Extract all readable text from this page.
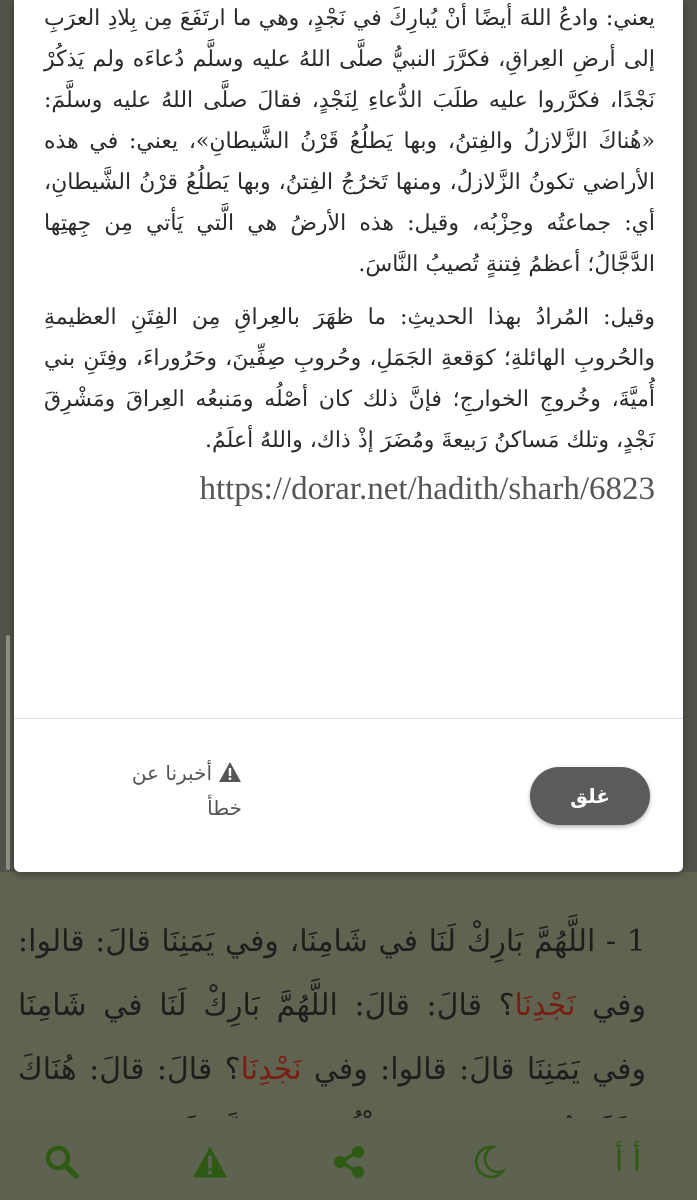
1 - اللَّهُمَّ بَارِكْ لَنَا في شَامِنَا، وفي يَمَنِنَا قالَ: قالوا: وفي نَجْدِنَا؟ قالَ: قالَ: اللَّهُمَّ بَارِكْ لَنَا في شَامِنَا وفي يَمَنِنَا قالَ: قالوا: وفي نَجْدِنَا؟ قالَ: قالَ: هُنَاكَ

يعني: وادعُ اللهَ أيضًا أنْ يُبارِكَ في نَجْدٍ، وهي ما ارتَفَعَ مِن بِلادِ العرَبِ إلى أرضِ العِراقِ، فكرَّرَ النبيُّ صلَّى اللهُ عليه وسلَّم دُعاءَه ولم يَذكُرْ نَجْدًا، فكرَّروا عليه طلَبَ الدُّعاءِ لِنَجْدٍ، فقالَ صلَّى اللهُ عليه وسلَّمَ: «هُناكَ الزَّلازلُ والفِتنُ، وبها يَطلُعُ قَرْنُ الشَّيطانِ»، يعني: في هذه الأراضي تكونُ الزَّلازلُ، ومنها تَخرُجُ الفِتنُ، وبها يَطلُعُ قرْنُ الشَّيطانِ، أي: جماعتُه وحِزْبُه، وقيل: هذه الأرضُ هي الَّتي يَأتي مِن جِهتِها الدَّجَّالُ؛ أعظمُ فِتنةٍ تُصيبُ النَّاسَ.

وقيل: المُرادُ بهذا الحديثِ: ما ظهَرَ بالعِراقِ مِن الفِتَنِ العظيمةِ والحُروبِ الهائلةِ؛ كوَقعةِ الجَمَلِ، وحُروبِ صِفِّينَ، وحَرُوراءَ، وفِتَنِ بني أُميَّةَ، وخُروجِ الخوارجِ؛ فإنَّ ذلك كان أصْلُه ومَنبعُه العِراقَ ومَشْرِقَ نَجْدٍ، وتلك مَساكنُ رَبيعةَ ومُضَرَ إذْ ذاك، واللهُ أعلَمُ.

https://dorar.net/hadith/sharh/6823
أخبرنا عن خطأ	غلق
أ أ
